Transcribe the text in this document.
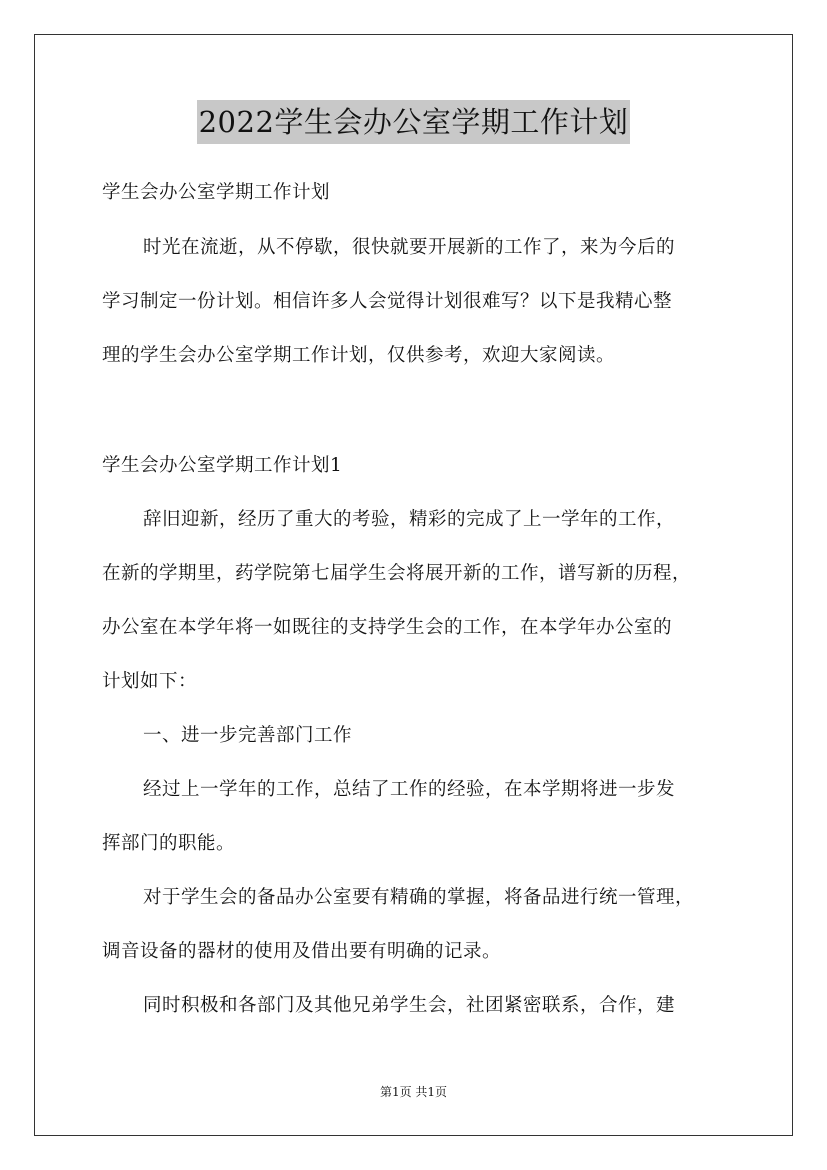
2022学生会办公室学期工作计划
学生会办公室学期工作计划
时光在流逝，从不停歇，很快就要开展新的工作了，来为今后的
学习制定一份计划。相信许多人会觉得计划很难写？以下是我精心整
理的学生会办公室学期工作计划，仅供参考，欢迎大家阅读。
学生会办公室学期工作计划1
辞旧迎新，经历了重大的考验，精彩的完成了上一学年的工作，
在新的学期里，药学院第七届学生会将展开新的工作，谱写新的历程，
办公室在本学年将一如既往的支持学生会的工作，在本学年办公室的
计划如下：
一、进一步完善部门工作
经过上一学年的工作，总结了工作的经验，在本学期将进一步发
挥部门的职能。
对于学生会的备品办公室要有精确的掌握，将备品进行统一管理，
调音设备的器材的使用及借出要有明确的记录。
同时积极和各部门及其他兄弟学生会，社团紧密联系，合作，建
第1页 共1页
